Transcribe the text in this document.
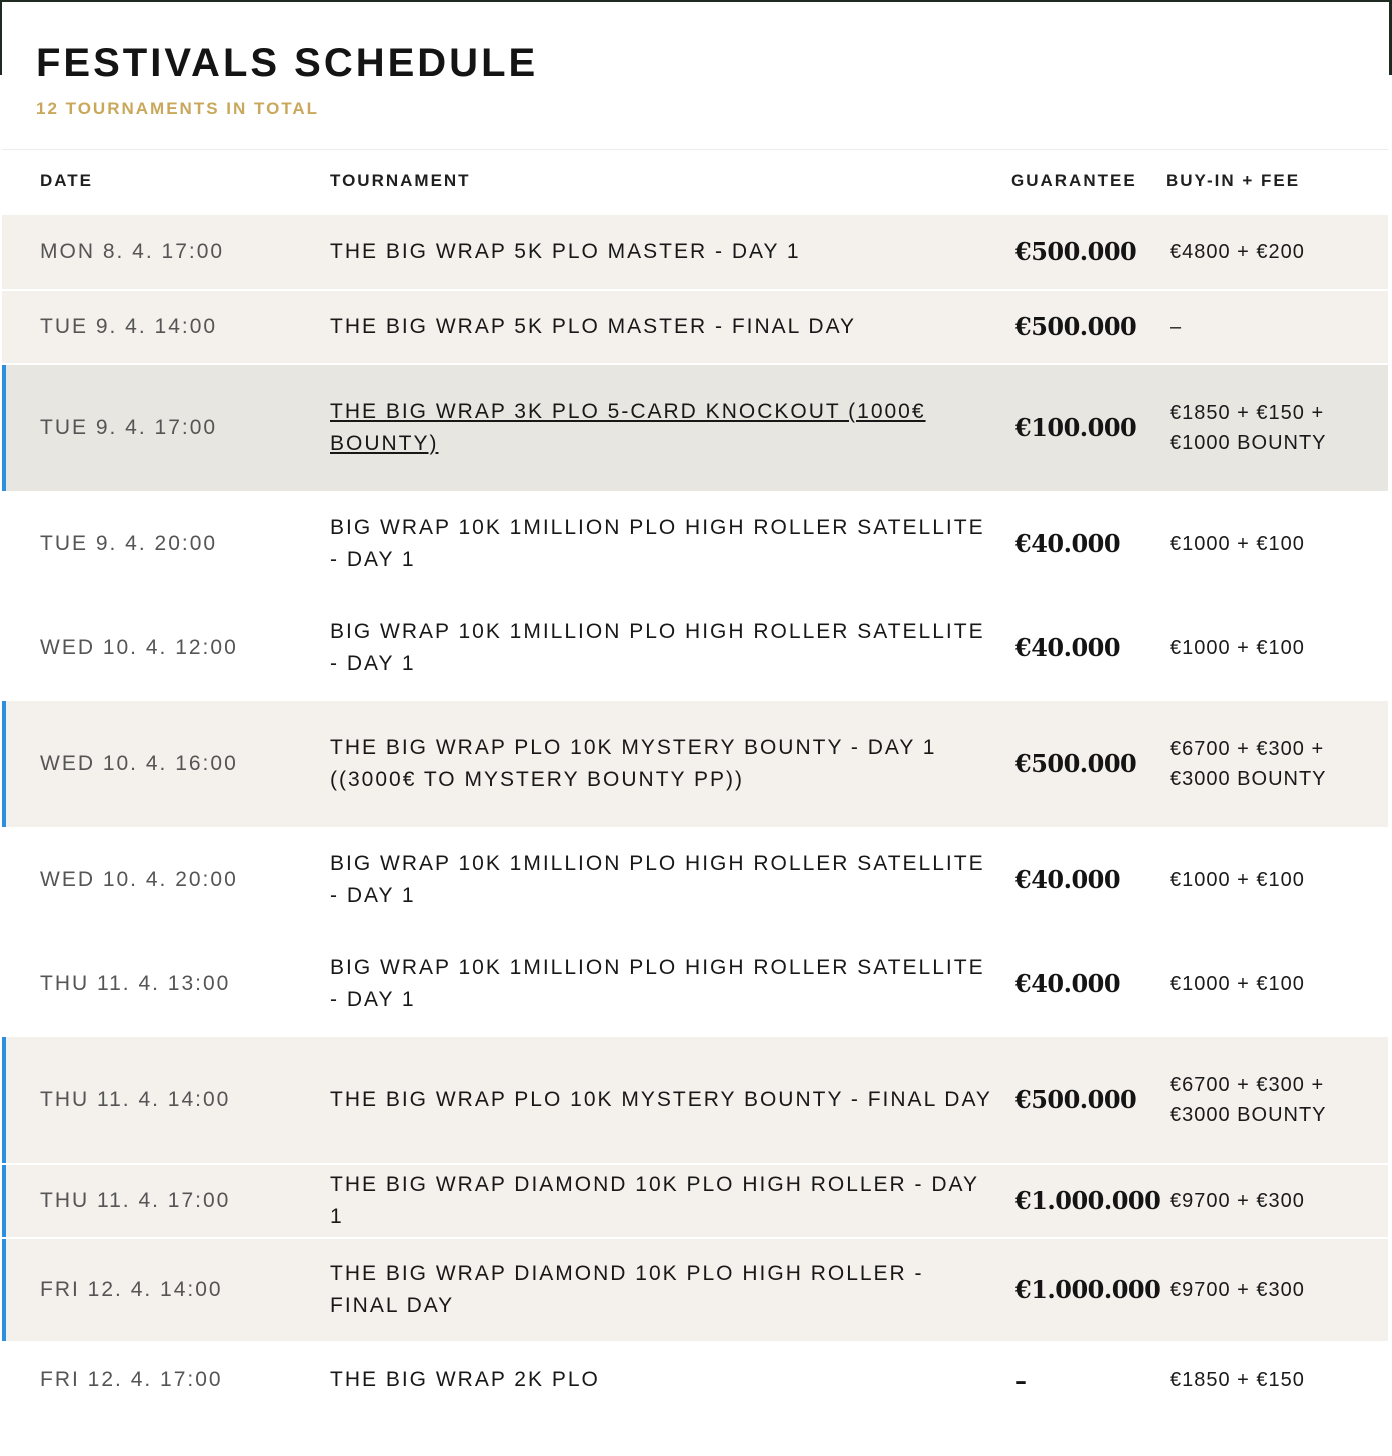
FESTIVALS SCHEDULE
12 TOURNAMENTS IN TOTAL
DATE	TOURNAMENT	GUARANTEE	BUY-IN + FEE
MON 8. 4. 17:00	THE BIG WRAP 5K PLO MASTER - DAY 1	€500.000	€4800 + €200
TUE 9. 4. 14:00	THE BIG WRAP 5K PLO MASTER - FINAL DAY	€500.000	–
TUE 9. 4. 17:00	THE BIG WRAP 3K PLO 5-CARD KNOCKOUT (1000€ BOUNTY)	€100.000	€1850 + €150 + €1000 BOUNTY
TUE 9. 4. 20:00	BIG WRAP 10K 1MILLION PLO HIGH ROLLER SATELLITE - DAY 1	€40.000	€1000 + €100
WED 10. 4. 12:00	BIG WRAP 10K 1MILLION PLO HIGH ROLLER SATELLITE - DAY 1	€40.000	€1000 + €100
WED 10. 4. 16:00	THE BIG WRAP PLO 10K MYSTERY BOUNTY - DAY 1 ((3000€ TO MYSTERY BOUNTY PP))	€500.000	€6700 + €300 + €3000 BOUNTY
WED 10. 4. 20:00	BIG WRAP 10K 1MILLION PLO HIGH ROLLER SATELLITE - DAY 1	€40.000	€1000 + €100
THU 11. 4. 13:00	BIG WRAP 10K 1MILLION PLO HIGH ROLLER SATELLITE - DAY 1	€40.000	€1000 + €100
THU 11. 4. 14:00	THE BIG WRAP PLO 10K MYSTERY BOUNTY - FINAL DAY	€500.000	€6700 + €300 + €3000 BOUNTY
THU 11. 4. 17:00	THE BIG WRAP DIAMOND 10K PLO HIGH ROLLER - DAY 1	€1.000.000	€9700 + €300
FRI 12. 4. 14:00	THE BIG WRAP DIAMOND 10K PLO HIGH ROLLER - FINAL DAY	€1.000.000	€9700 + €300
FRI 12. 4. 17:00	THE BIG WRAP 2K PLO	–	€1850 + €150
